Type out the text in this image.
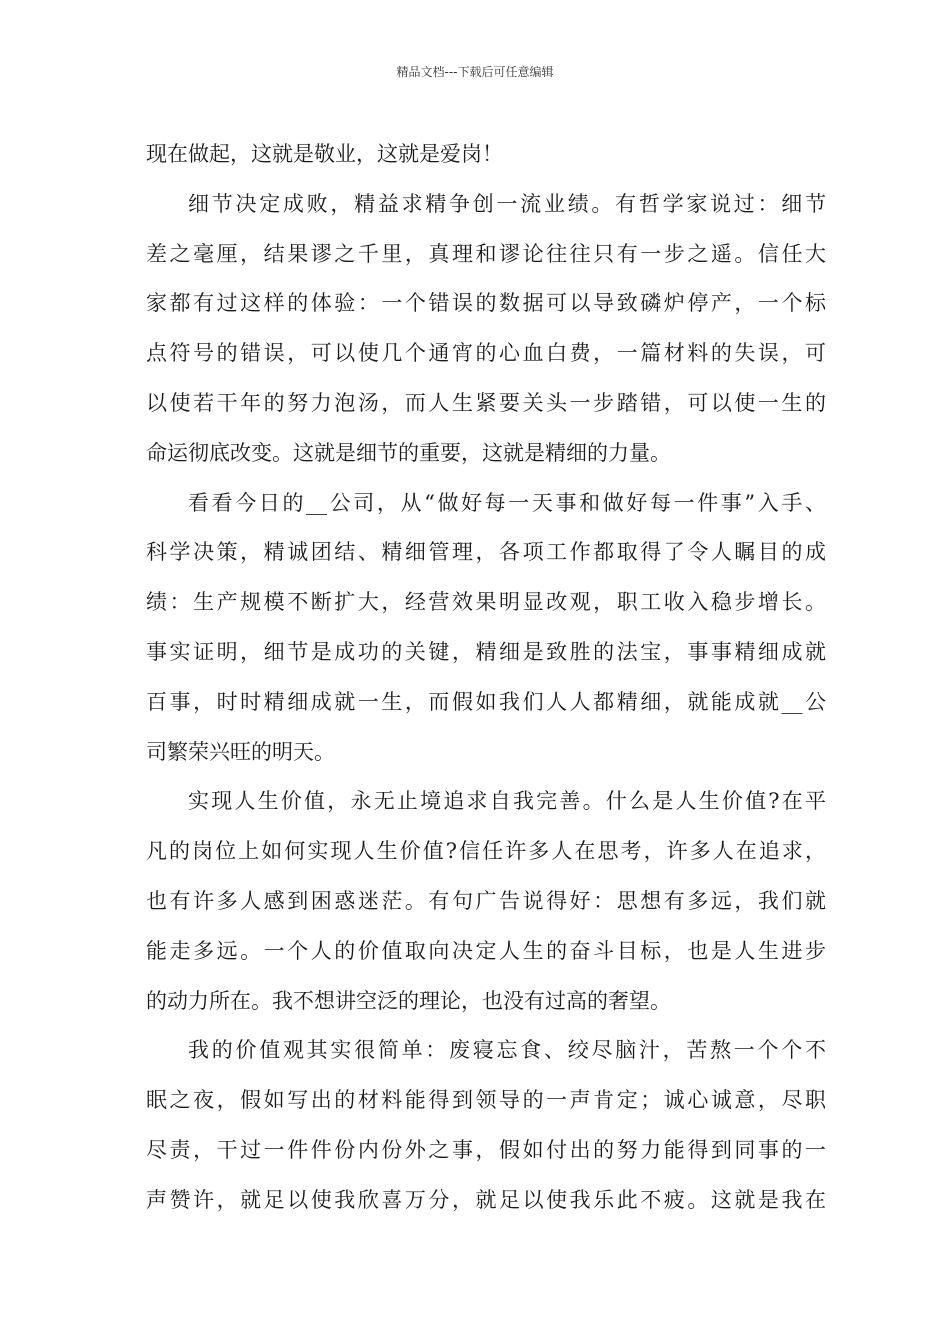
精品文档---下载后可任意编辑
现在做起，这就是敬业，这就是爱岗！
细节决定成败，精益求精争创一流业绩。有哲学家说过：细节
差之毫厘，结果谬之千里，真理和谬论往往只有一步之遥。信任大
家都有过这样的体验：一个错误的数据可以导致磷炉停产，一个标
点符号的错误，可以使几个通宵的心血白费，一篇材料的失误，可
以使若干年的努力泡汤，而人生紧要关头一步踏错，可以使一生的
命运彻底改变。这就是细节的重要，这就是精细的力量。
看看今日的__公司，从“做好每一天事和做好每一件事”入手、
科学决策，精诚团结、精细管理，各项工作都取得了令人瞩目的成
绩：生产规模不断扩大，经营效果明显改观，职工收入稳步增长。
事实证明，细节是成功的关键，精细是致胜的法宝，事事精细成就
百事，时时精细成就一生，而假如我们人人都精细，就能成就__公
司繁荣兴旺的明天。
实现人生价值，永无止境追求自我完善。什么是人生价值?在平
凡的岗位上如何实现人生价值?信任许多人在思考，许多人在追求，
也有许多人感到困惑迷茫。有句广告说得好：思想有多远，我们就
能走多远。一个人的价值取向决定人生的奋斗目标，也是人生进步
的动力所在。我不想讲空泛的理论，也没有过高的奢望。
我的价值观其实很简单：废寝忘食、绞尽脑汁，苦熬一个个不
眠之夜，假如写出的材料能得到领导的一声肯定；诚心诚意，尽职
尽责，干过一件件份内份外之事，假如付出的努力能得到同事的一
声赞许，就足以使我欣喜万分，就足以使我乐此不疲。这就是我在
